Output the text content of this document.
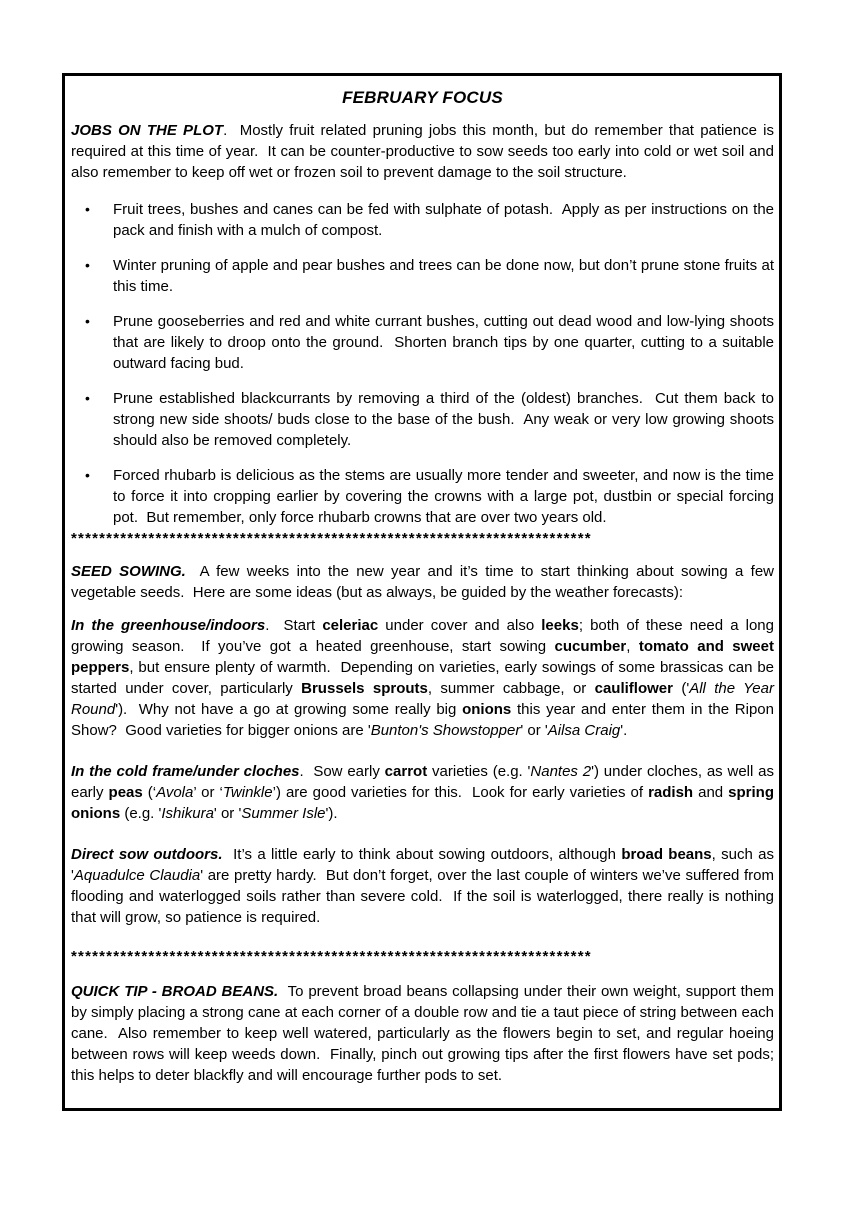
FEBRUARY FOCUS

JOBS ON THE PLOT.  Mostly fruit related pruning jobs this month, but do remember that patience is required at this time of year.  It can be counter-productive to sow seeds too early into cold or wet soil and also remember to keep off wet or frozen soil to prevent damage to the soil structure.

•	Fruit trees, bushes and canes can be fed with sulphate of potash.  Apply as per instructions on the pack and finish with a mulch of compost.
•	Winter pruning of apple and pear bushes and trees can be done now, but don’t prune stone fruits at this time.
•	Prune gooseberries and red and white currant bushes, cutting out dead wood and low-lying shoots that are likely to droop onto the ground.  Shorten branch tips by one quarter, cutting to a suitable outward facing bud.
•	Prune established blackcurrants by removing a third of the (oldest) branches.  Cut them back to strong new side shoots/ buds close to the base of the bush.  Any weak or very low growing shoots should also be removed completely.
•	Forced rhubarb is delicious as the stems are usually more tender and sweeter, and now is the time to force it into cropping earlier by covering the crowns with a large pot, dustbin or special forcing pot.  But remember, only force rhubarb crowns that are over two years old.
**************************************************************************

SEED SOWING.  A few weeks into the new year and it’s time to start thinking about sowing a few vegetable seeds.  Here are some ideas (but as always, be guided by the weather forecasts):

In the greenhouse/indoors.  Start celeriac under cover and also leeks; both of these need a long growing season.  If you’ve got a heated greenhouse, start sowing cucumber, tomato and sweet peppers, but ensure plenty of warmth.  Depending on varieties, early sowings of some brassicas can be started under cover, particularly Brussels sprouts, summer cabbage, or cauliflower ('All the Year Round').  Why not have a go at growing some really big onions this year and enter them in the Ripon Show?  Good varieties for bigger onions are 'Bunton's Showstopper' or 'Ailsa Craig'.

In the cold frame/under cloches.  Sow early carrot varieties (e.g. 'Nantes 2') under cloches, as well as early peas (‘Avola’ or ‘Twinkle’) are good varieties for this.  Look for early varieties of radish and spring onions (e.g. 'Ishikura' or 'Summer Isle').

Direct sow outdoors.  It’s a little early to think about sowing outdoors, although broad beans, such as 'Aquadulce Claudia' are pretty hardy.  But don’t forget, over the last couple of winters we’ve suffered from flooding and waterlogged soils rather than severe cold.  If the soil is waterlogged, there really is nothing that will grow, so patience is required.

**************************************************************************

QUICK TIP - BROAD BEANS.  To prevent broad beans collapsing under their own weight, support them by simply placing a strong cane at each corner of a double row and tie a taut piece of string between each cane.  Also remember to keep well watered, particularly as the flowers begin to set, and regular hoeing between rows will keep weeds down.  Finally, pinch out growing tips after the first flowers have set pods; this helps to deter blackfly and will encourage further pods to set.
